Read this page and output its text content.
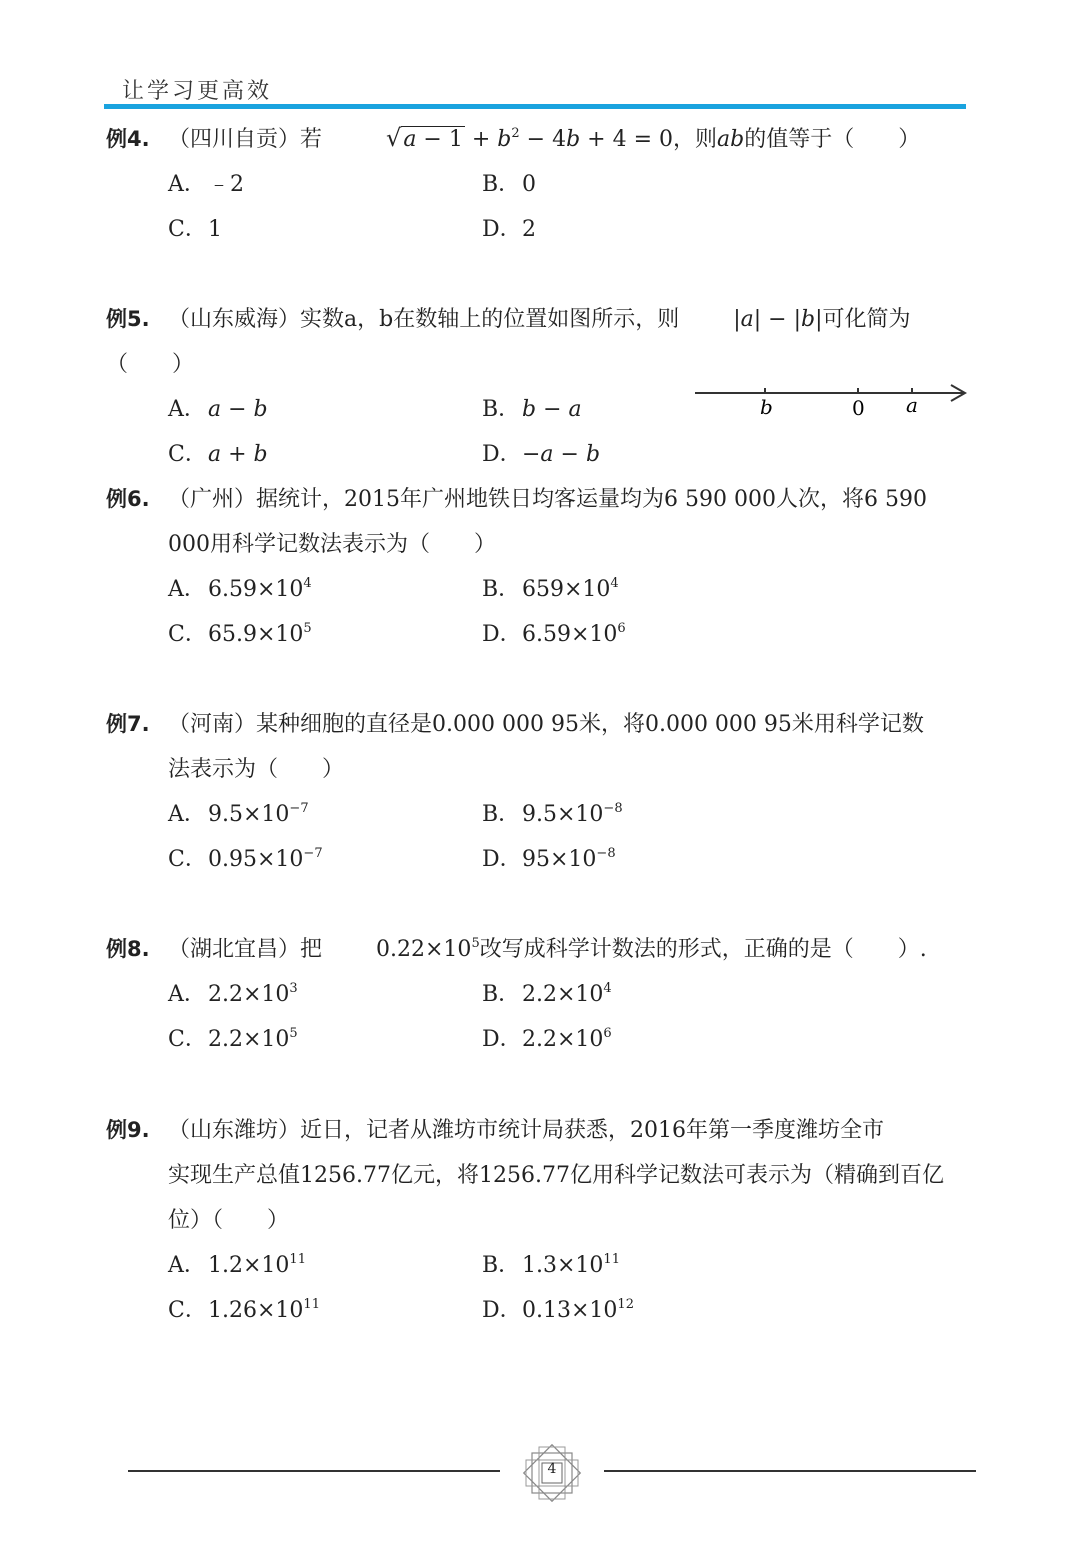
让学习更高效
例4. （四川自贡）若	$√a - 1 + b^2 - 4b + 4 = 0$，则ab的值等于（　　）
A．﹣2	B．0
C．1	D．2
例5. （山东威海）实数a，b在数轴上的位置如图所示，则 |a| − |b|可化简为（　　）
A．a − b	B．b − a
C．a + b	D．−a − b
b	0 a
例6. （广州）据统计，2015年广州地铁日均客运量均为6 590 000人次，将6 590
000用科学记数法表示为（　　）
A．$6.59\times 10^4$	B．$659\times 10^4$
C．$65.9\times 10^5$	D．$6.59\times 10^6$
例7. （河南）某种细胞的直径是0.000 000 95米，将0.000 000 95米用科学记数
法表示为（　　）
A．$9.5\times 10^{-7}$	B．$9.5\times 10^{-8}$
C．$0.95\times 10^{-7}$	D．$95\times 10^{-8}$
例8. （湖北宜昌）把 $0.22\times 10^5$改写成科学计数法的形式，正确的是（　　）.
A．$2.2\times 10^3$	B．$2.2\times 10^4$
C．$2.2\times 10^5$	D．$2.2\times 10^6$
例9. （山东潍坊）近日，记者从潍坊市统计局获悉，2016年第一季度潍坊全市
实现生产总值1256.77亿元，将1256.77亿用科学记数法可表示为（精确到百亿
位）（　　）
A．$1.2\times 10^{11}$	B．$1.3\times 10^{11}$
C．$1.26\times 10^{11}$	D．$0.13\times 10^{12}$
4
